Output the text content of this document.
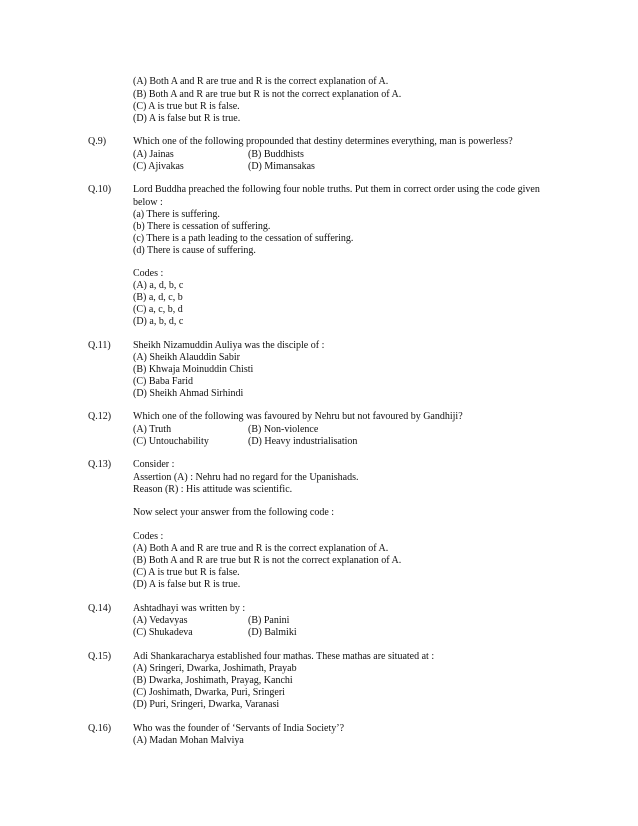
(A) Both A and R are true and R is the correct explanation of A.
(B) Both A and R are true but R is not the correct explanation of A.
(C) A is true but R is false.
(D) A is false but R is true.
Q.9)	Which one of the following propounded that destiny determines everything, man is powerless?
(A) Jainas	(B) Buddhists
(C) Ajivakas	(D) Mimansakas
Q.10) Lord Buddha preached the following four noble truths. Put them in correct order using the code given
below :
(a) There is suffering.
(b) There is cessation of suffering.
(c) There is a path leading to the cessation of suffering.
(d) There is cause of suffering.
Codes :
(A) a, d, b, c
(B) a, d, c, b
(C) a, c, b, d
(D) a, b, d, c
Q.11) Sheikh Nizamuddin Auliya was the disciple of :
(A) Sheikh Alauddin Sabir
(B) Khwaja Moinuddin Chisti
(C) Baba Farid
(D) Sheikh Ahmad Sirhindi
Q.12) Which one of the following was favoured by Nehru but not favoured by Gandhiji?
(A) Truth	(B) Non-violence
(C) Untouchability	(D) Heavy industrialisation
Q.13) Consider :
Assertion (A) : Nehru had no regard for the Upanishads.
Reason (R) : His attitude was scientific.
Now select your answer from the following code :
Codes :
(A) Both A and R are true and R is the correct explanation of A.
(B) Both A and R are true but R is not the correct explanation of A.
(C) A is true but R is false.
(D) A is false but R is true.
Q.14) Ashtadhayi was written by :
(A) Vedavyas	(B) Panini
(C) Shukadeva	(D) Balmiki
Q.15) Adi Shankaracharya established four mathas. These mathas are situated at :
(A) Sringeri, Dwarka, Joshimath, Prayab
(B) Dwarka, Joshimath, Prayag, Kanchi
(C) Joshimath, Dwarka, Puri, Sringeri
(D) Puri, Sringeri, Dwarka, Varanasi
Q.16) Who was the founder of ‘Servants of India Society’?
(A) Madan Mohan Malviya
